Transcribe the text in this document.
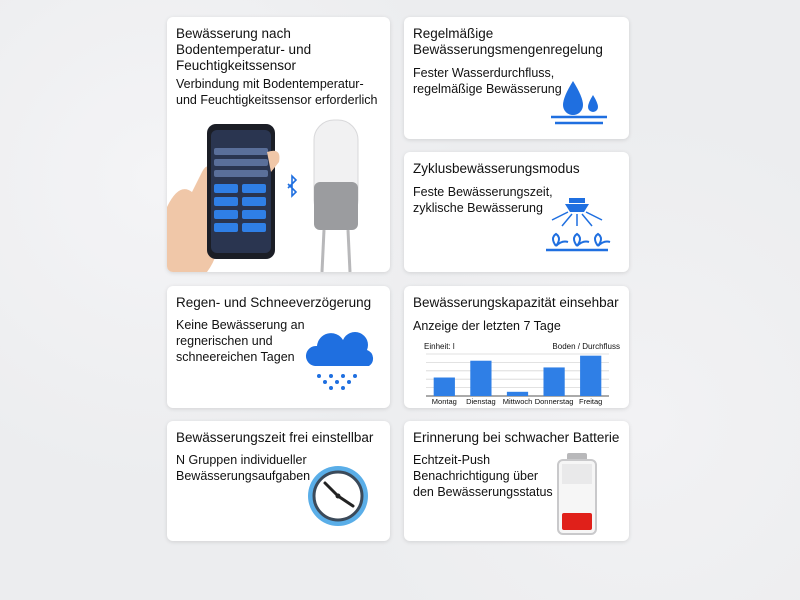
Bewässerung nach
Bodentemperatur- und
Feuchtigkeitssensor
Verbindung mit Bodentemperatur-
und Feuchtigkeitssensor erforderlich
Regelmäßige
Bewässerungsmengenregelung
Fester Wasserdurchfluss,
regelmäßige Bewässerung
Zyklusbewässerungsmodus
Feste Bewässerungszeit,
zyklische Bewässerung
Regen- und Schneeverzögerung
Keine Bewässerung an
regnerischen und
schneereichen Tagen
Bewässerungskapazität einsehbar
Anzeige der letzten 7 Tage
Einheit: l	Boden / Durchfluss
Montag Dienstag Mittwoch Donnerstag Freitag
Bewässerungszeit frei einstellbar
N Gruppen individueller
Bewässerungsaufgaben
Erinnerung bei schwacher Batterie
Echtzeit-Push
Benachrichtigung über
den Bewässerungsstatus
